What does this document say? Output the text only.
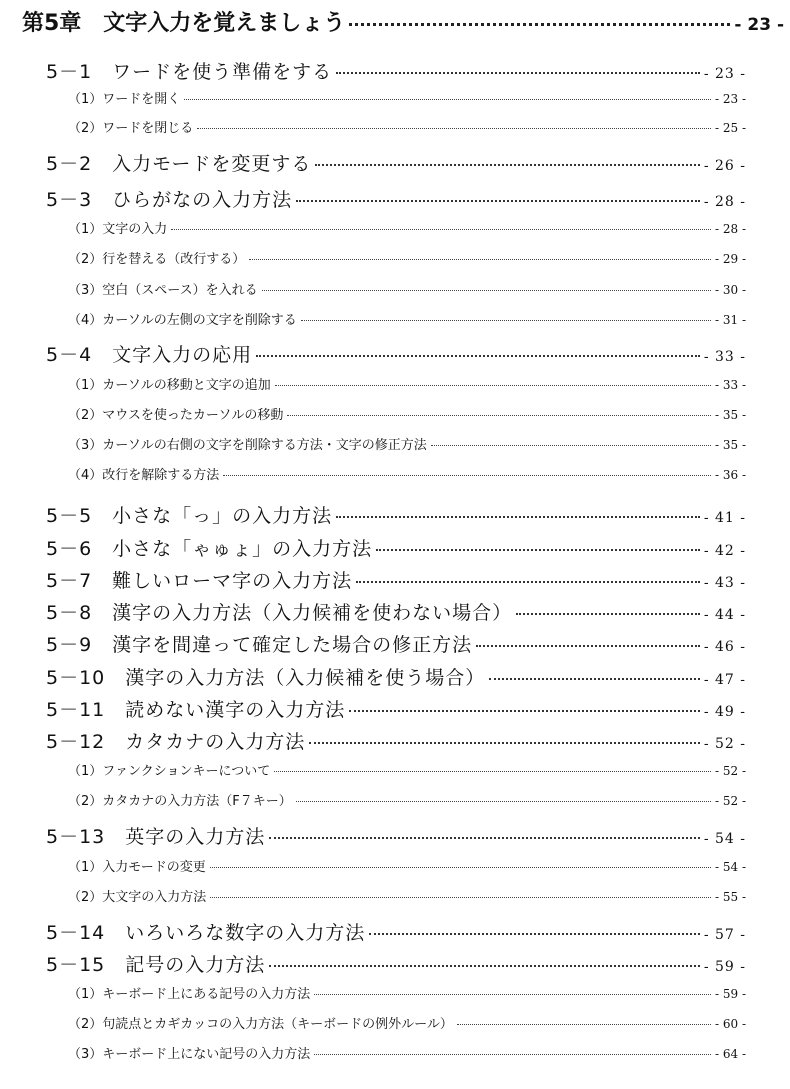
第5章　文字入力を覚えましょう	- 23 -
5－1　ワードを使う準備をする	- 23 -
（1）ワードを開く	- 23 -
（2）ワードを閉じる	- 25 -
5－2　入力モードを変更する	- 26 -
5－3　ひらがなの入力方法	- 28 -
（1）文字の入力	- 28 -
（2）行を替える（改行する）	- 29 -
（3）空白（スペース）を入れる	- 30 -
（4）カーソルの左側の文字を削除する	- 31 -
5－4　文字入力の応用	- 33 -
（1）カーソルの移動と文字の追加	- 33 -
（2）マウスを使ったカーソルの移動	- 35 -
（3）カーソルの右側の文字を削除する方法・文字の修正方法	- 35 -
（4）改行を解除する方法	- 36 -
5－5　小さな「っ」の入力方法	- 41 -
5－6　小さな「ゃゅょ」の入力方法	- 42 -
5－7　難しいローマ字の入力方法	- 43 -
5－8　漢字の入力方法（入力候補を使わない場合）	- 44 -
5－9　漢字を間違って確定した場合の修正方法	- 46 -
5－10　漢字の入力方法（入力候補を使う場合）	- 47 -
5－11　読めない漢字の入力方法	- 49 -
5－12　カタカナの入力方法	- 52 -
（1）ファンクションキーについて	- 52 -
（2）カタカナの入力方法（F７キー）	- 52 -
5－13　英字の入力方法	- 54 -
（1）入力モードの変更	- 54 -
（2）大文字の入力方法	- 55 -
5－14　いろいろな数字の入力方法	- 57 -
5－15　記号の入力方法	- 59 -
（1）キーボード上にある記号の入力方法	- 59 -
（2）句読点とカギカッコの入力方法（キーボードの例外ルール）	- 60 -
（3）キーボード上にない記号の入力方法	- 64 -
